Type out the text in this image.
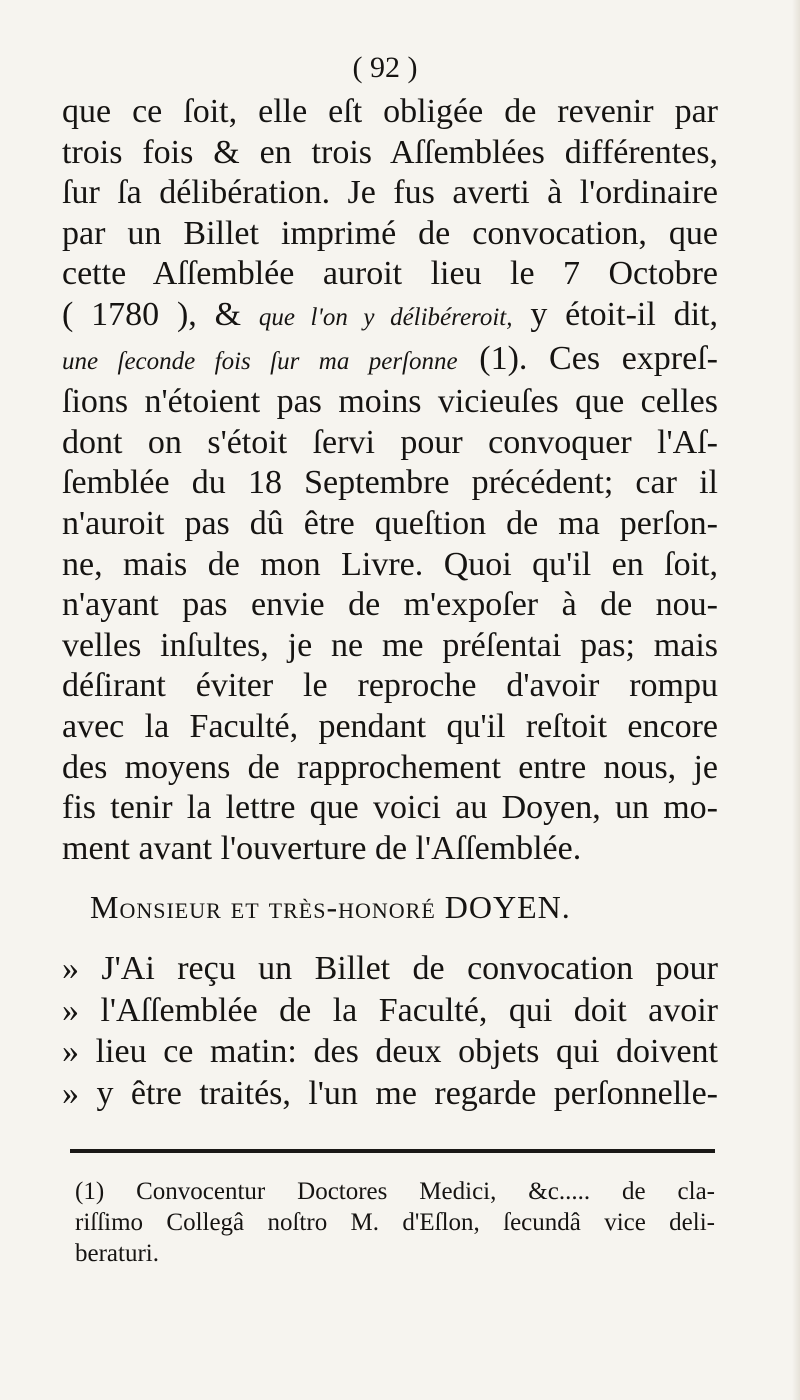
( 92 )
que ce ſoit, elle eſt obligée de revenir par
trois fois & en trois Aſſemblées différentes,
ſur ſa délibération. Je fus averti à l'ordinaire
par un Billet imprimé de convocation, que
cette Aſſemblée auroit lieu le 7 Octobre
( 1780 ), & que l'on y délibéreroit, y étoit-il dit,
une ſeconde fois ſur ma perſonne (1). Ces expreſ-
ſions n'étoient pas moins vicieuſes que celles
dont on s'étoit ſervi pour convoquer l'Aſ-
ſemblée du 18 Septembre précédent; car il
n'auroit pas dû être queſtion de ma perſon-
ne, mais de mon Livre. Quoi qu'il en ſoit,
n'ayant pas envie de m'expoſer à de nou-
velles inſultes, je ne me préſentai pas; mais
déſirant éviter le reproche d'avoir rompu
avec la Faculté, pendant qu'il reſtoit encore
des moyens de rapprochement entre nous, je
fis tenir la lettre que voici au Doyen, un mo-
ment avant l'ouverture de l'Aſſemblée.
Monsieur et très-honoré DOYEN.
» J'Ai reçu un Billet de convocation pour
» l'Aſſemblée de la Faculté, qui doit avoir
» lieu ce matin: des deux objets qui doivent
» y être traités, l'un me regarde perſonnelle-
(1) Convocentur Doctores Medici, &c..... de cla-
riſſimo Collegâ noſtro M. d'Eſlon, ſecundâ vice deli-
beraturi.
